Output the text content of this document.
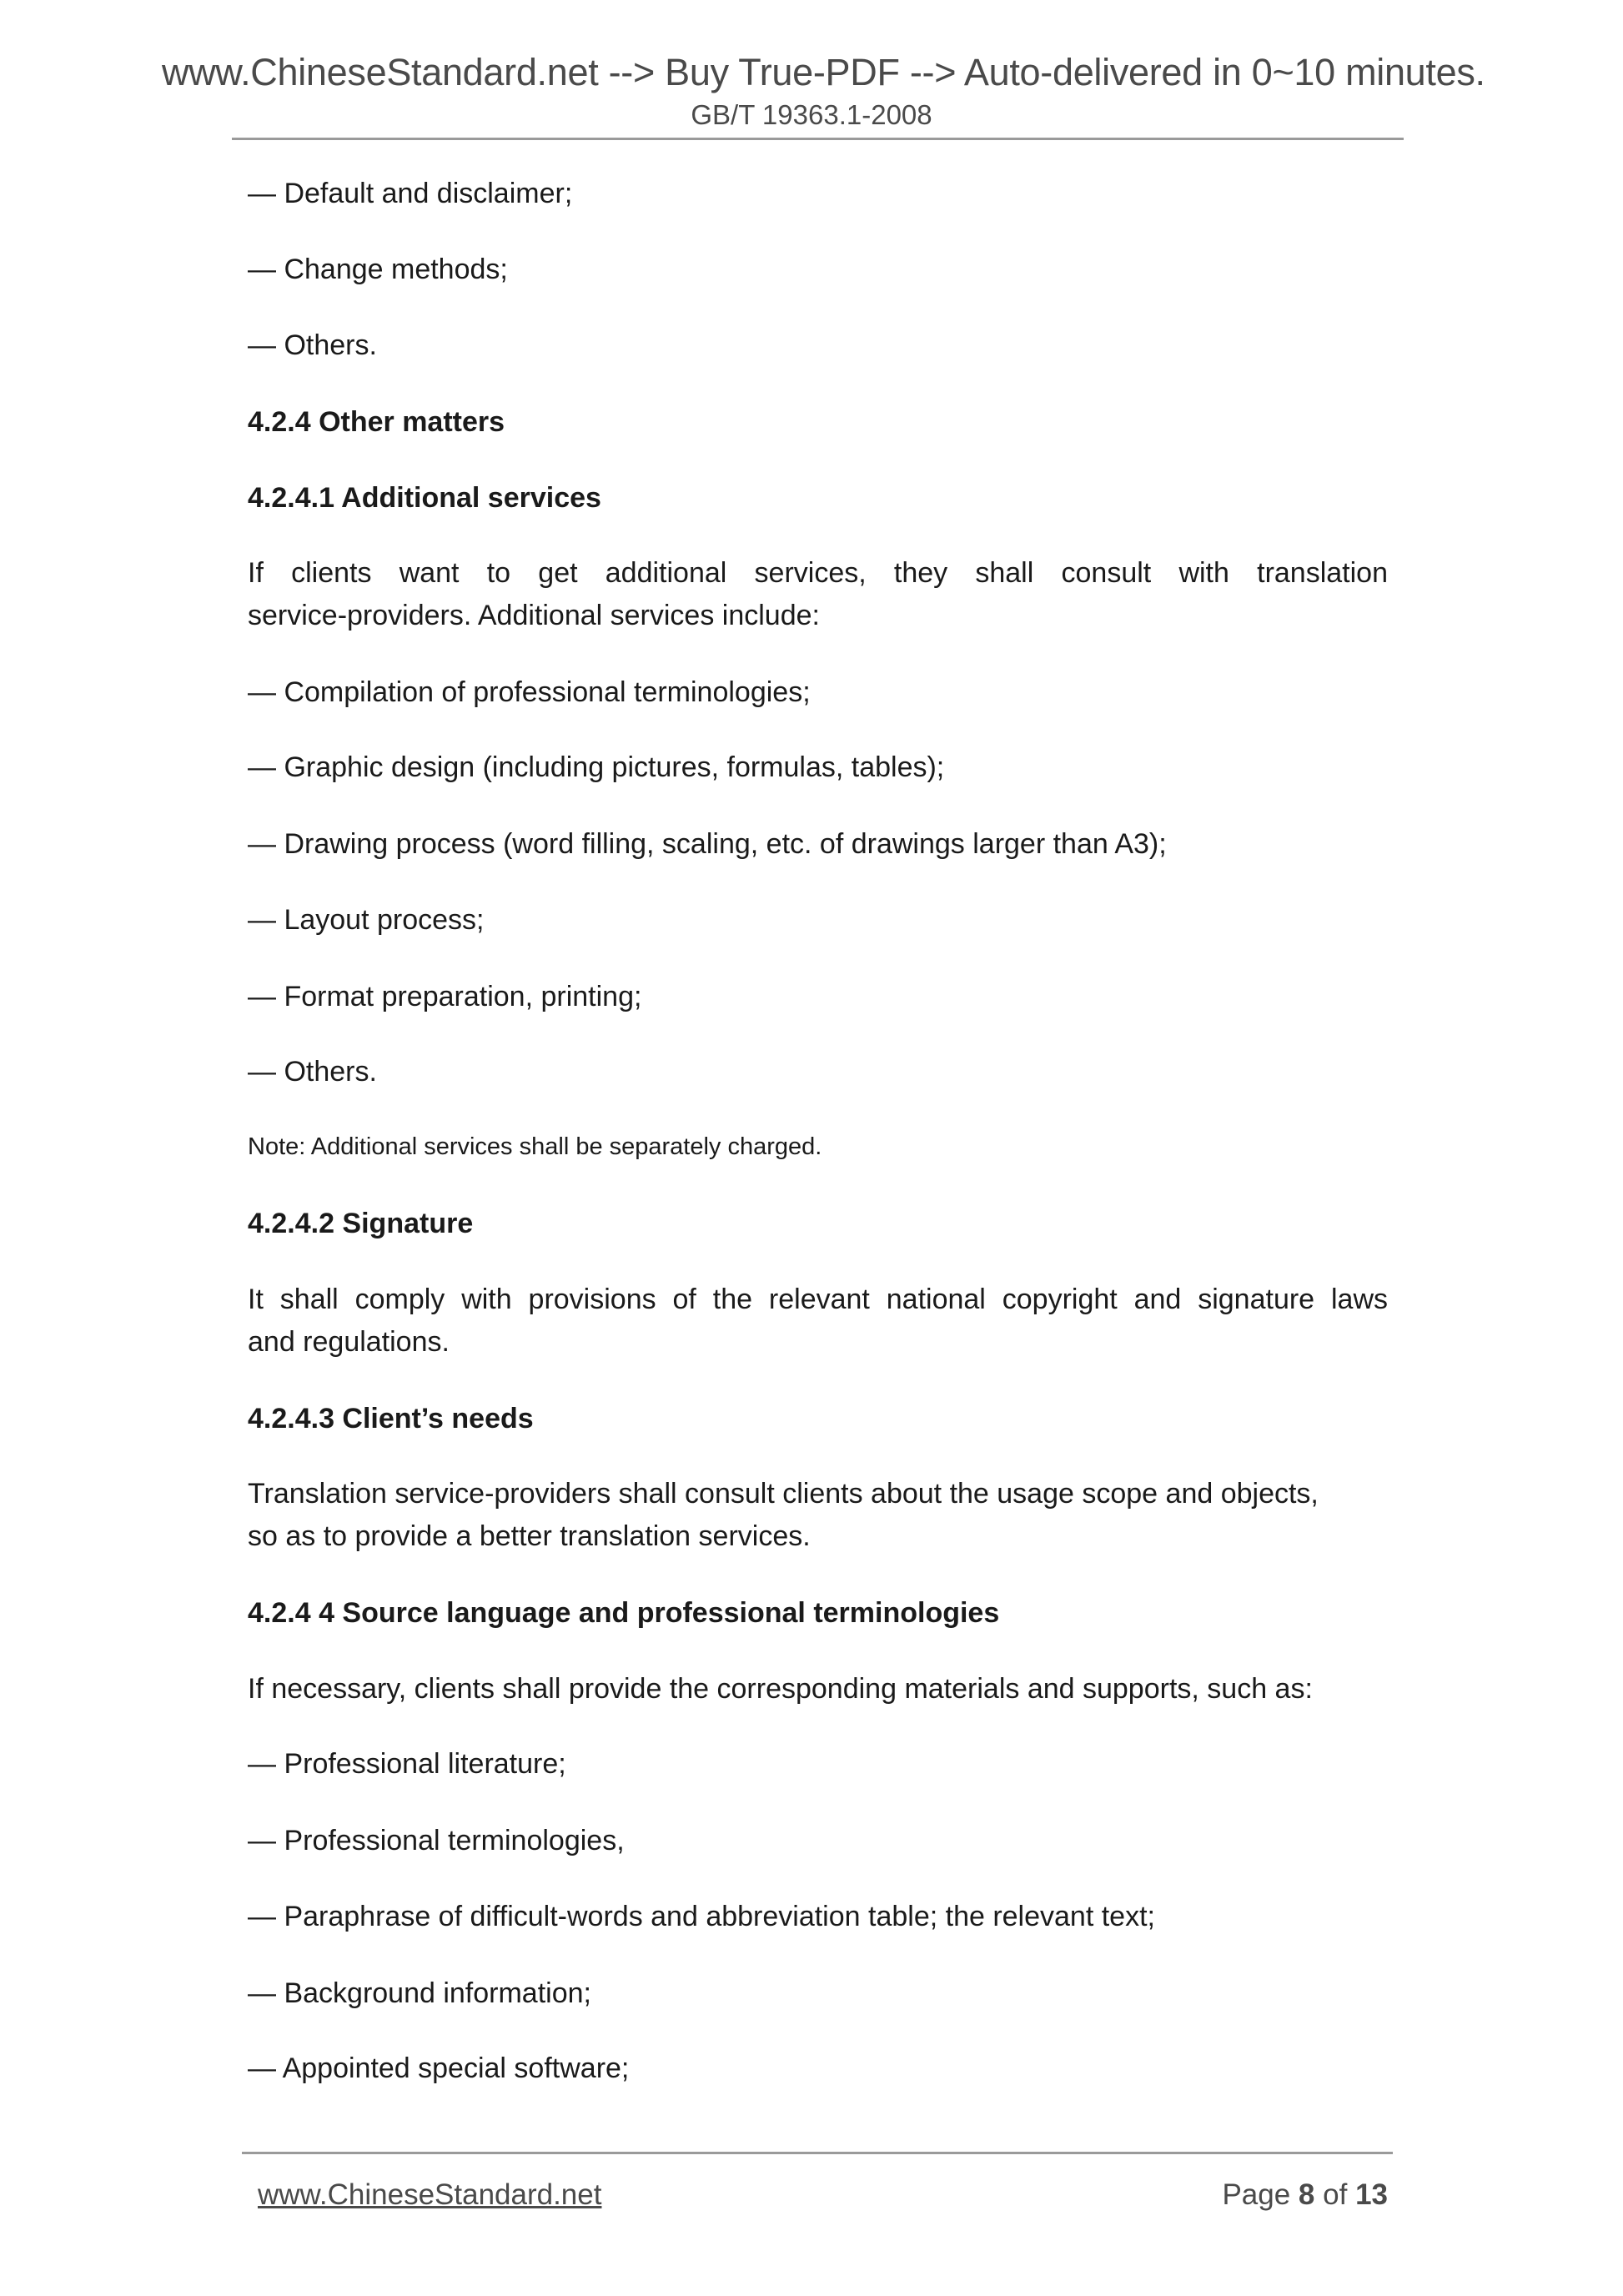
www.ChineseStandard.net --> Buy True-PDF --> Auto-delivered in 0~10 minutes.
GB/T 19363.1-2008
— Default and disclaimer;
— Change methods;
— Others.
4.2.4 Other matters
4.2.4.1 Additional services
If clients want to get additional services, they shall consult with translation
service-providers. Additional services include:
— Compilation of professional terminologies;
— Graphic design (including pictures, formulas, tables);
— Drawing process (word filling, scaling, etc. of drawings larger than A3);
— Layout process;
— Format preparation, printing;
— Others.
Note: Additional services shall be separately charged.
4.2.4.2 Signature
It shall comply with provisions of the relevant national copyright and signature laws
and regulations.
4.2.4.3 Client’s needs
Translation service-providers shall consult clients about the usage scope and objects,
so as to provide a better translation services.
4.2.4 4 Source language and professional terminologies
If necessary, clients shall provide the corresponding materials and supports, such as:
— Professional literature;
— Professional terminologies,
— Paraphrase of difficult-words and abbreviation table; the relevant text;
— Background information;
— Appointed special software;
www.ChineseStandard.net	Page 8 of 13
